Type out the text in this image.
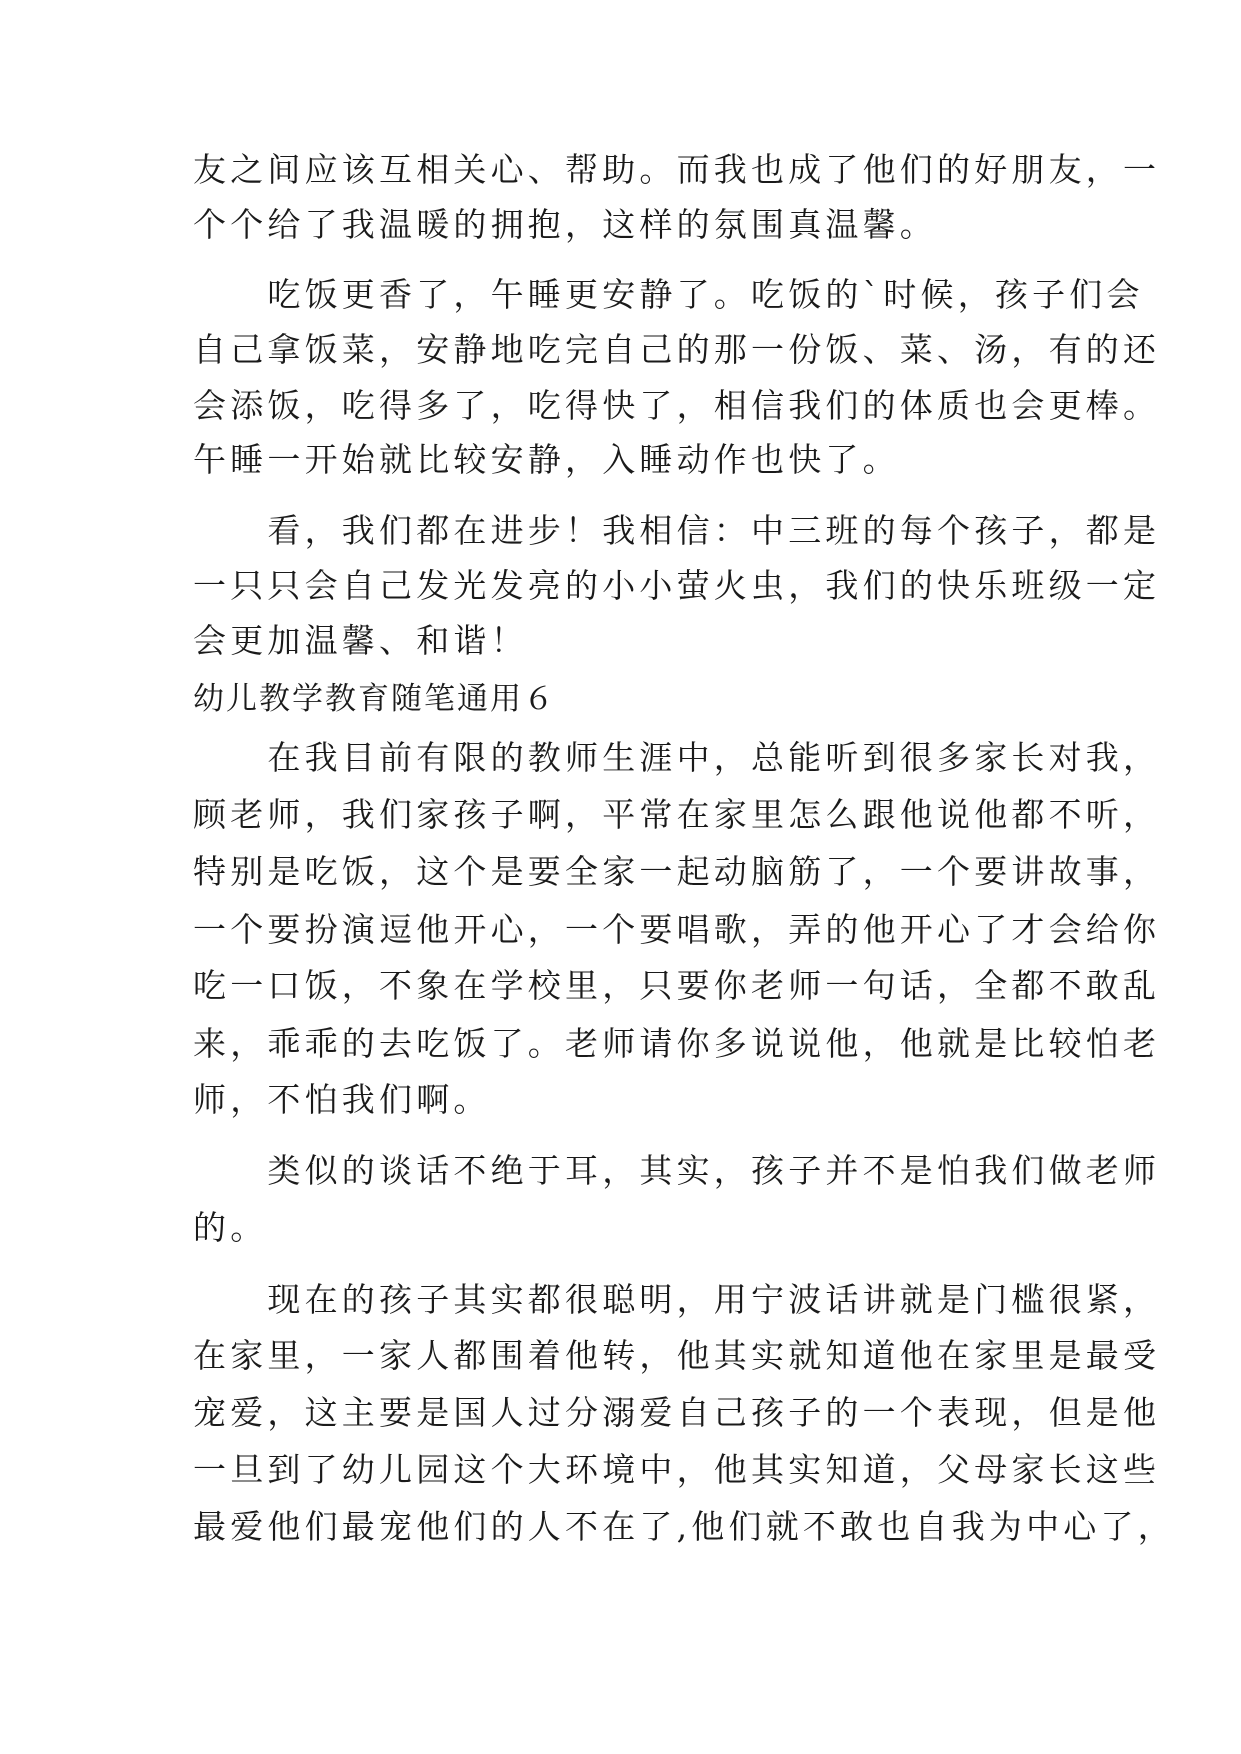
友之间应该互相关心、帮助。而我也成了他们的好朋友，一
个个给了我温暖的拥抱，这样的氛围真温馨。
　　吃饭更香了，午睡更安静了。吃饭的`时候，孩子们会
自己拿饭菜，安静地吃完自己的那一份饭、菜、汤，有的还
会添饭，吃得多了，吃得快了，相信我们的体质也会更棒。
午睡一开始就比较安静，入睡动作也快了。
　　看，我们都在进步！我相信：中三班的每个孩子，都是
一只只会自己发光发亮的小小萤火虫，我们的快乐班级一定
会更加温馨、和谐！
幼儿教学教育随笔通用６
　　在我目前有限的教师生涯中，总能听到很多家长对我，
顾老师，我们家孩子啊，平常在家里怎么跟他说他都不听，
特别是吃饭，这个是要全家一起动脑筋了，一个要讲故事，
一个要扮演逗他开心，一个要唱歌，弄的他开心了才会给你
吃一口饭，不象在学校里，只要你老师一句话，全都不敢乱
来，乖乖的去吃饭了。老师请你多说说他，他就是比较怕老
师，不怕我们啊。
　　类似的谈话不绝于耳，其实，孩子并不是怕我们做老师
的。
　　现在的孩子其实都很聪明，用宁波话讲就是门槛很紧，
在家里，一家人都围着他转，他其实就知道他在家里是最受
宠爱，这主要是国人过分溺爱自己孩子的一个表现，但是他
一旦到了幼儿园这个大环境中，他其实知道，父母家长这些
最爱他们最宠他们的人不在了,他们就不敢也自我为中心了，
